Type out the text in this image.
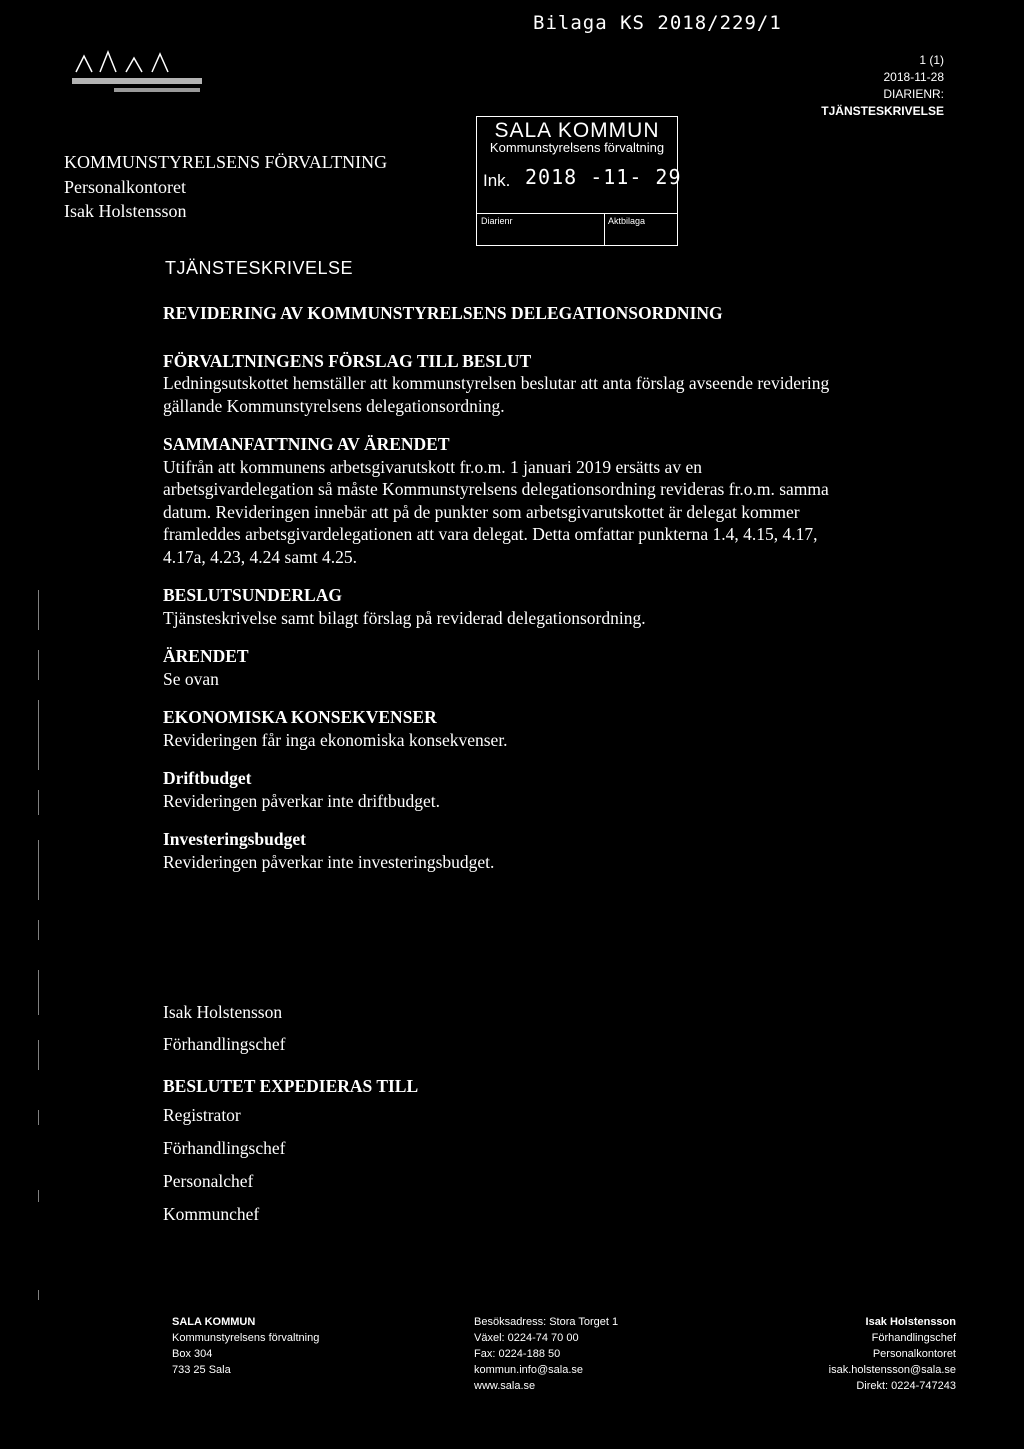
Bilaga KS 2018/229/1
1 (1)
2018-11-28
DIARIENR:
TJÄNSTESKRIVELSE
KOMMUNSTYRELSENS FÖRVALTNING
Personalkontoret
Isak Holstensson
SALA KOMMUN
Kommunstyrelsens förvaltning
Ink. 2018 -11- 29
Diarienr	Aktbilaga
TJÄNSTESKRIVELSE
REVIDERING AV KOMMUNSTYRELSENS DELEGATIONSORDNING
FÖRVALTNINGENS FÖRSLAG TILL BESLUT

Ledningsutskottet hemställer att kommunstyrelsen beslutar att anta förslag avseende revidering gällande Kommunstyrelsens delegationsordning.

SAMMANFATTNING AV ÄRENDET

Utifrån att kommunens arbetsgivarutskott fr.o.m. 1 januari 2019 ersätts av en arbetsgivardelegation så måste Kommunstyrelsens delegationsordning revideras fr.o.m. samma datum. Revideringen innebär att på de punkter som arbetsgivarutskottet är delegat kommer framleddes arbetsgivardelegationen att vara delegat. Detta omfattar punkterna 1.4, 4.15, 4.17, 4.17a, 4.23, 4.24 samt 4.25.

BESLUTSUNDERLAG

Tjänsteskrivelse samt bilagt förslag på reviderad delegationsordning.

ÄRENDET

Se ovan

EKONOMISKA KONSEKVENSER

Revideringen får inga ekonomiska konsekvenser.

Driftbudget

Revideringen påverkar inte driftbudget.

Investeringsbudget

Revideringen påverkar inte investeringsbudget.

Isak Holstensson
Förhandlingschef
BESLUTET EXPEDIERAS TILL
Registrator
Förhandlingschef
Personalchef
Kommunchef
SALA KOMMUN
Kommunstyrelsens förvaltning
Box 304
733 25 Sala
Besöksadress: Stora Torget 1
Växel: 0224-74 70 00
Fax: 0224-188 50
kommun.info@sala.se
www.sala.se
Isak Holstensson
Förhandlingschef
Personalkontoret
isak.holstensson@sala.se
Direkt: 0224-747243
